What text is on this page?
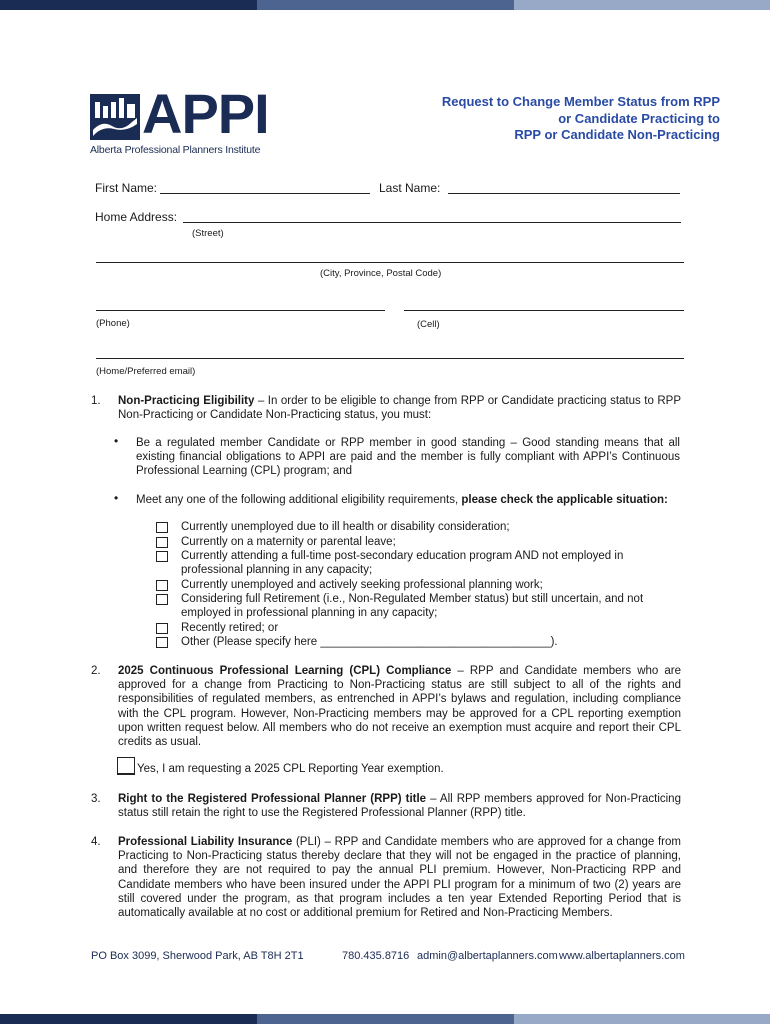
APPI
Alberta Professional Planners Institute
Request to Change Member Status from RPP
or Candidate Practicing to
RPP or Candidate Non-Practicing
First Name:	Last Name:
Home Address:
(Street)
(City, Province, Postal Code)
(Phone)	(Cell)
(Home/Preferred email)
1. Non-Practicing Eligibility – In order to be eligible to change from RPP or Candidate practicing status to RPP Non-Practicing or Candidate Non-Practicing status, you must:
• Be a regulated member Candidate or RPP member in good standing – Good standing means that all existing financial obligations to APPI are paid and the member is fully compliant with APPI’s Continuous Professional Learning (CPL) program; and
• Meet any one of the following additional eligibility requirements, please check the applicable situation:
Currently unemployed due to ill health or disability consideration;
Currently on a maternity or parental leave;
Currently attending a full-time post-secondary education program AND not employed in professional planning in any capacity;
Currently unemployed and actively seeking professional planning work;
Considering full Retirement (i.e., Non-Regulated Member status) but still uncertain, and not employed in professional planning in any capacity;
Recently retired; or
Other (Please specify here ____________________________________).
2. 2025 Continuous Professional Learning (CPL) Compliance – RPP and Candidate members who are approved for a change from Practicing to Non-Practicing status are still subject to all of the rights and responsibilities of regulated members, as entrenched in APPI’s bylaws and regulation, including compliance with the CPL program. However, Non-Practicing members may be approved for a CPL reporting exemption upon written request below. All members who do not receive an exemption must acquire and report their CPL credits as usual.
Yes, I am requesting a 2025 CPL Reporting Year exemption.
3. Right to the Registered Professional Planner (RPP) title – All RPP members approved for Non-Practicing status still retain the right to use the Registered Professional Planner (RPP) title.
4. Professional Liability Insurance (PLI) – RPP and Candidate members who are approved for a change from Practicing to Non-Practicing status thereby declare that they will not be engaged in the practice of planning, and therefore they are not required to pay the annual PLI premium. However, Non-Practicing RPP and Candidate members who have been insured under the APPI PLI program for a minimum of two (2) years are still covered under the program, as that program includes a ten year Extended Reporting Period that is automatically available at no cost or additional premium for Retired and Non-Practicing Members.
PO Box 3099, Sherwood Park, AB T8H 2T1	780.435.8716 admin@albertaplanners.com www.albertaplanners.com
